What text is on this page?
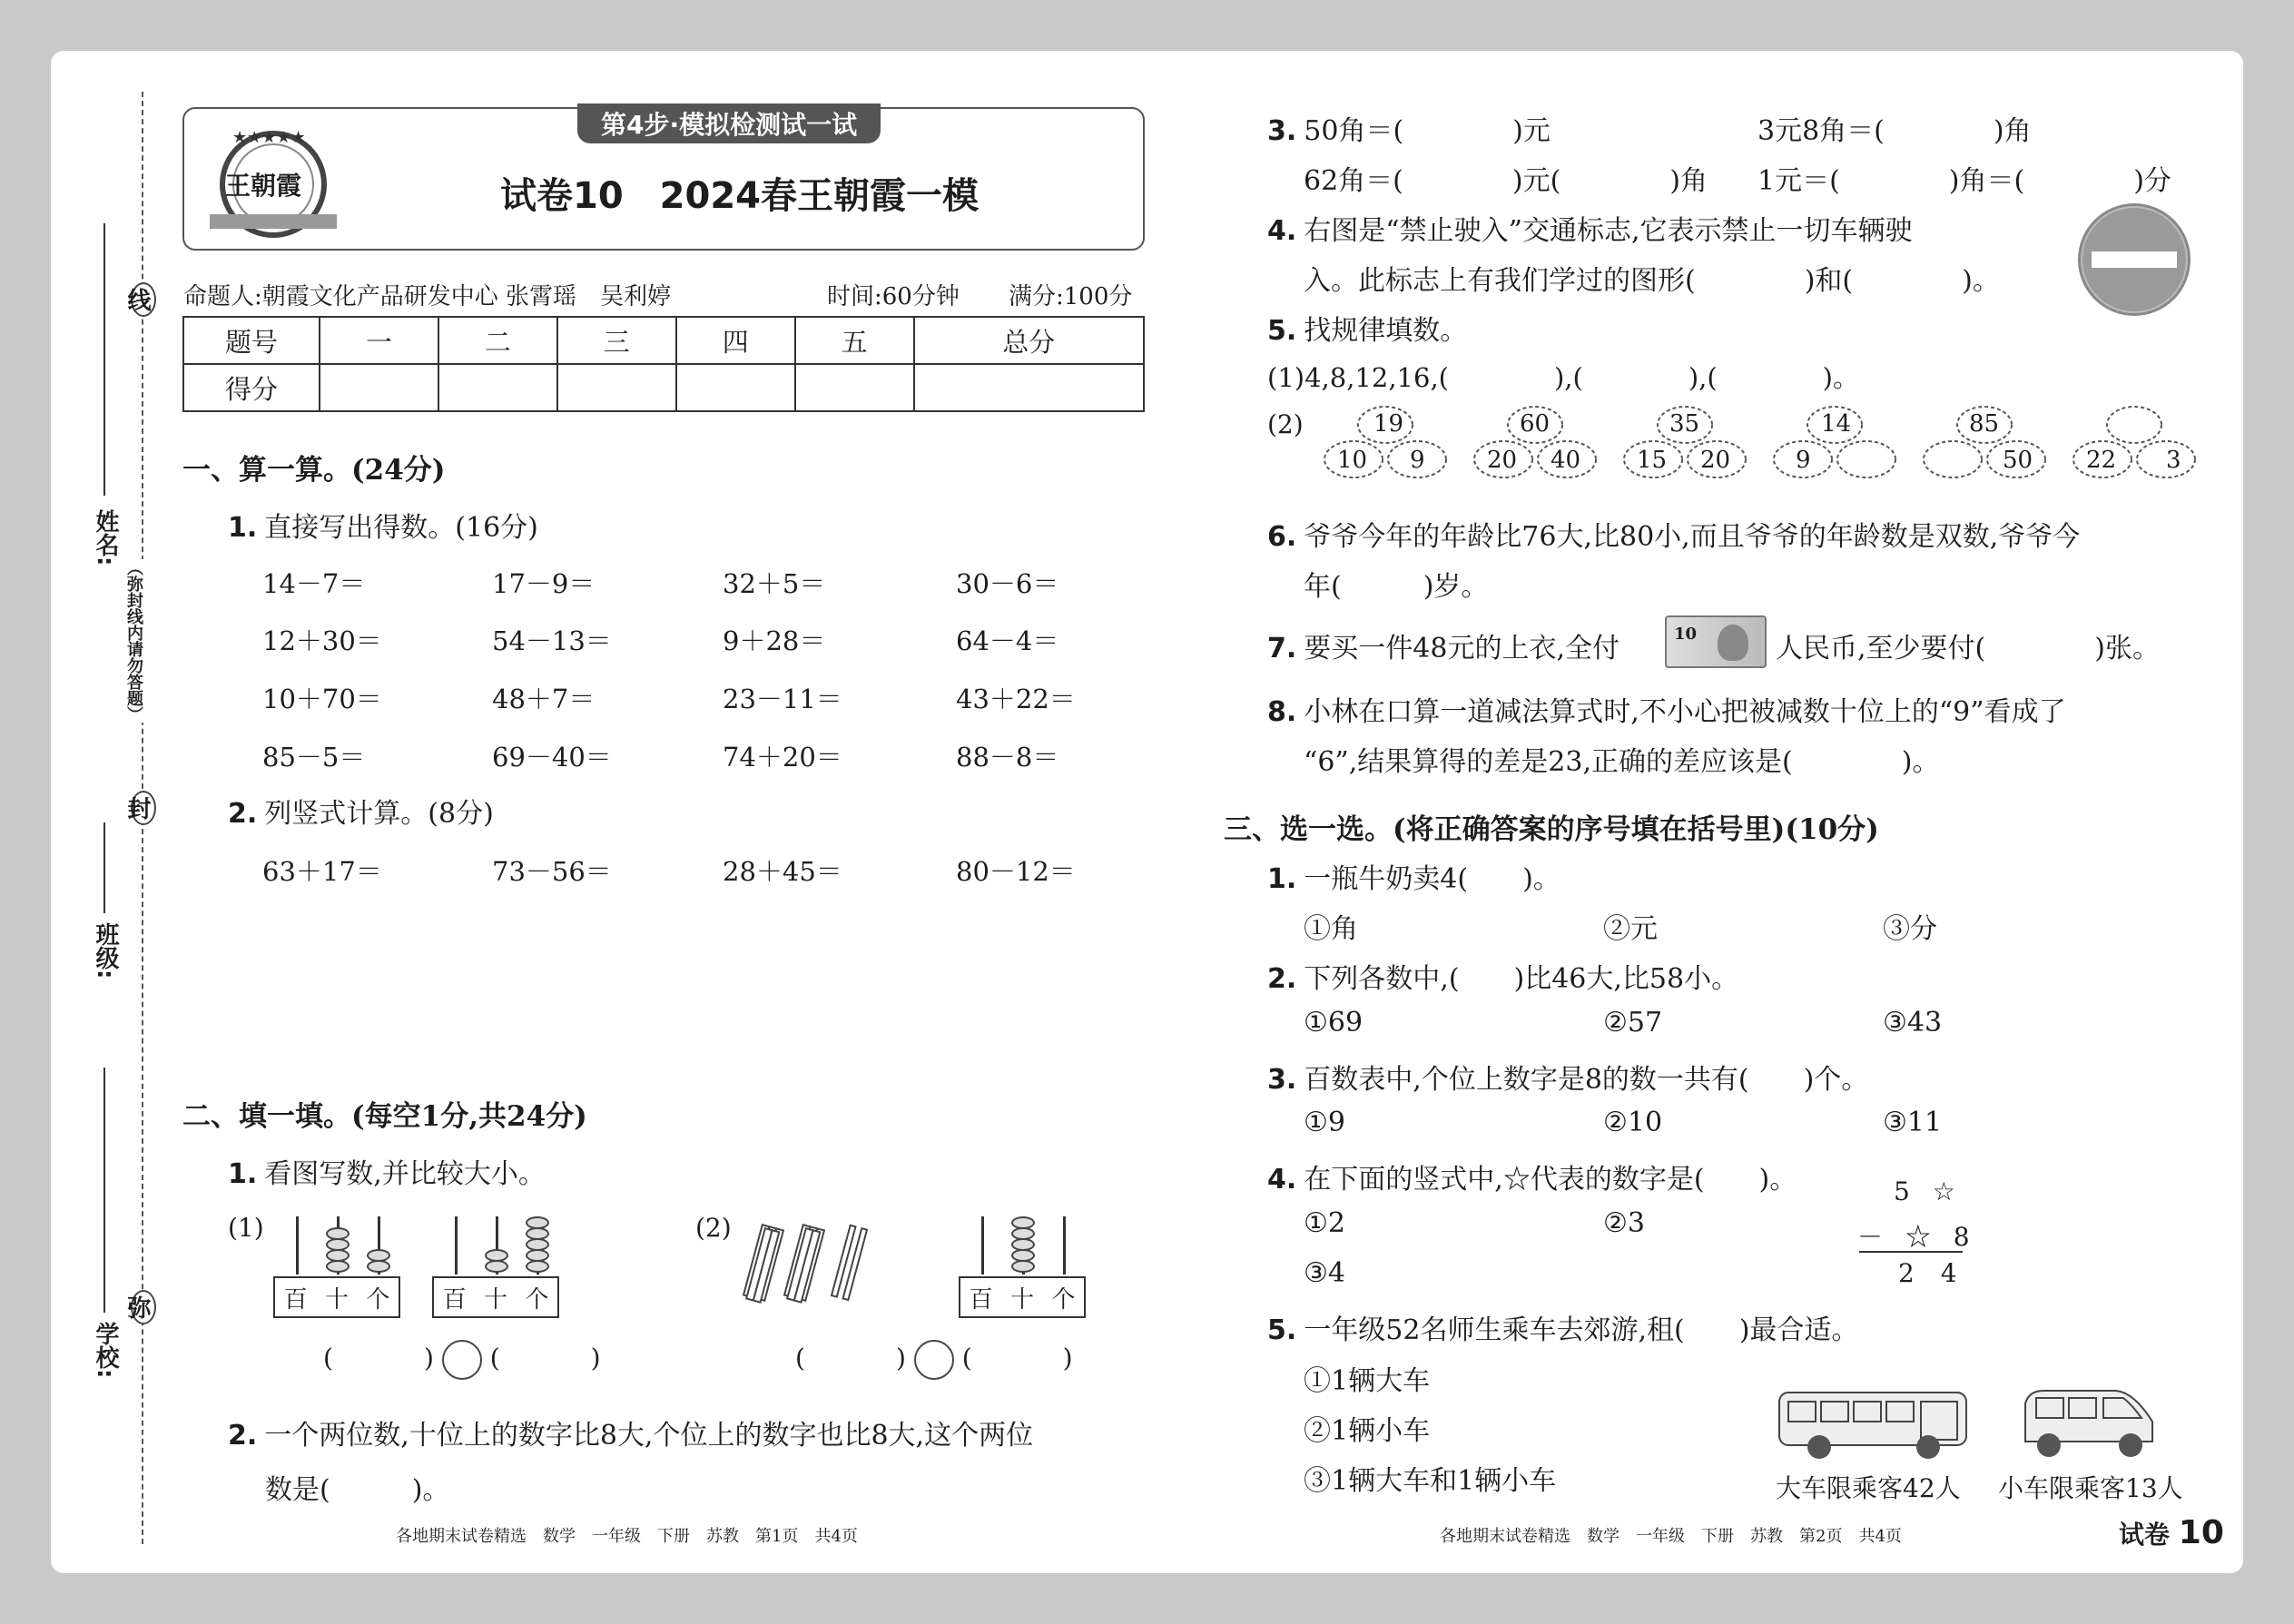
线
封
弥
（弥封线内请勿答题）
姓名:
班级:
学校:
★★★★★
王朝霞
第4步·模拟检测试一试
试卷10　2024春王朝霞一模
命题人:朝霞文化产品研发中心 张霄瑶　吴利婷	时间:60分钟 满分:100分
题号	一	二	三	四	五	总分
得分						
一、算一算。(24分)
1. 直接写出得数。(16分)
14－7＝	17－9＝	32＋5＝	30－6＝
12＋30＝	54－13＝	9＋28＝	64－4＝
10＋70＝	48＋7＝	23－11＝	43＋22＝
85－5＝	69－40＝	74＋20＝	88－8＝
2. 列竖式计算。(8分)
63＋17＝	73－56＝	28＋45＝	80－12＝
二、填一填。(每空1分,共24分)
1. 看图写数,并比较大小。
(1)	(2)
百 十 个 百 十 个	百 十 个
(	) (	)	(	) (	)
2. 一个两位数,十位上的数字比8大,个位上的数字也比8大,这个两位
数是(　　　)。
3. 50角＝(　　　　)元	3元8角＝(　　　　)角
62角＝(　　　　)元(　　　　)角 1元＝(　　　　)角＝(　　　　)分
4. 右图是“禁止驶入”交通标志,它表示禁止一切车辆驶
入。此标志上有我们学过的图形(　　　　)和(　　　　)。
5. 找规律填数。
(1)4,8,12,16,(　　　　),(　　　　),(　　　　)。
(2)	19
10 9
60
20 40
35
15 20
14
9
85
50 22 3
6. 爷爷今年的年龄比76大,比80小,而且爷爷的年龄数是双数,爷爷今
年(　　　)岁。
7. 要买一件48元的上衣,全付	10	人民币,至少要付(　　　　)张。
8. 小林在口算一道减法算式时,不小心把被减数十位上的“9”看成了
“6”,结果算得的差是23,正确的差应该是(　　　　)。
三、选一选。(将正确答案的序号填在括号里)(10分)
1. 一瓶牛奶卖4(　　)。
①角	②元	③分
2. 下列各数中,(　　)比46大,比58小。
①69	②57	③43
3. 百数表中,个位上数字是8的数一共有(　　)个。
①9	②10	③11
4. 在下面的竖式中,☆代表的数字是(　　)。
①2	②3
③4
5 ☆
－ ☆ 8
2 4
5. 一年级52名师生乘车去郊游,租(　　)最合适。
①1辆大车
②1辆小车
③1辆大车和1辆小车	大车限乘客42人 小车限乘客13人
各地期末试卷精选　数学　一年级　下册　苏教　第1页　共4页	各地期末试卷精选　数学　一年级　下册　苏教　第2页　共4页	试卷 10
